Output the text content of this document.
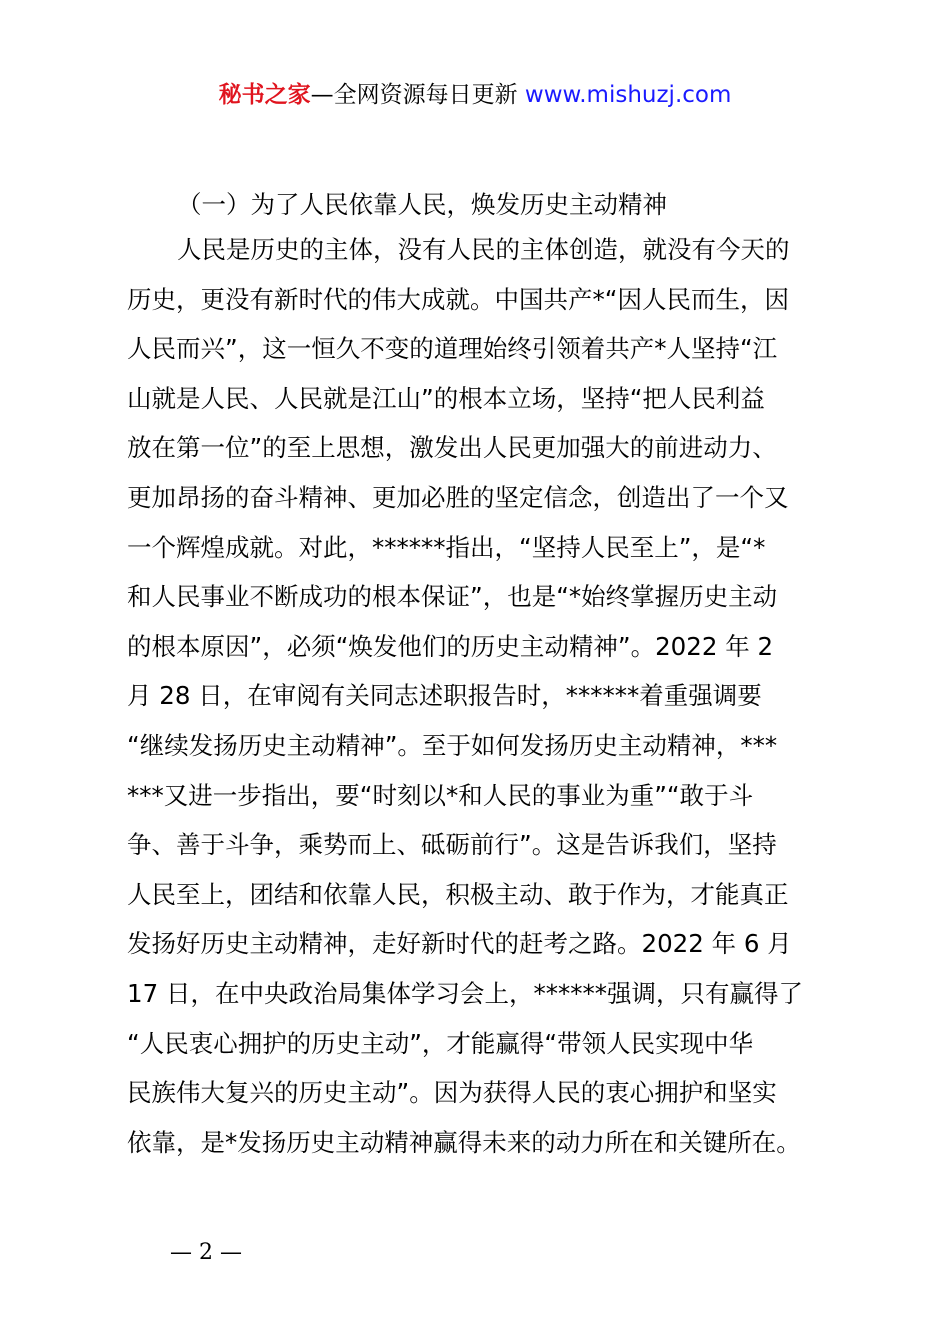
秘书之家—全网资源每日更新 www.mishuzj.com
（一）为了人民依靠人民，焕发历史主动精神
人民是历史的主体，没有人民的主体创造，就没有今天的
历史，更没有新时代的伟大成就。中国共产*“因人民而生，因
人民而兴”，这一恒久不变的道理始终引领着共产*人坚持“江
山就是人民、人民就是江山”的根本立场，坚持“把人民利益
放在第一位”的至上思想，激发出人民更加强大的前进动力、
更加昂扬的奋斗精神、更加必胜的坚定信念，创造出了一个又
一个辉煌成就。对此，******指出，“坚持人民至上”，是“*
和人民事业不断成功的根本保证”，也是“*始终掌握历史主动
的根本原因”，必须“焕发他们的历史主动精神”。2022 年 2
月 28 日，在审阅有关同志述职报告时，******着重强调要
“继续发扬历史主动精神”。至于如何发扬历史主动精神，***
***又进一步指出，要“时刻以*和人民的事业为重”“敢于斗
争、善于斗争，乘势而上、砥砺前行”。这是告诉我们，坚持
人民至上，团结和依靠人民，积极主动、敢于作为，才能真正
发扬好历史主动精神，走好新时代的赶考之路。2022 年 6 月
17 日，在中央政治局集体学习会上，******强调，只有赢得了
“人民衷心拥护的历史主动”，才能赢得“带领人民实现中华
民族伟大复兴的历史主动”。因为获得人民的衷心拥护和坚实
依靠，是*发扬历史主动精神赢得未来的动力所在和关键所在。
— 2 —
